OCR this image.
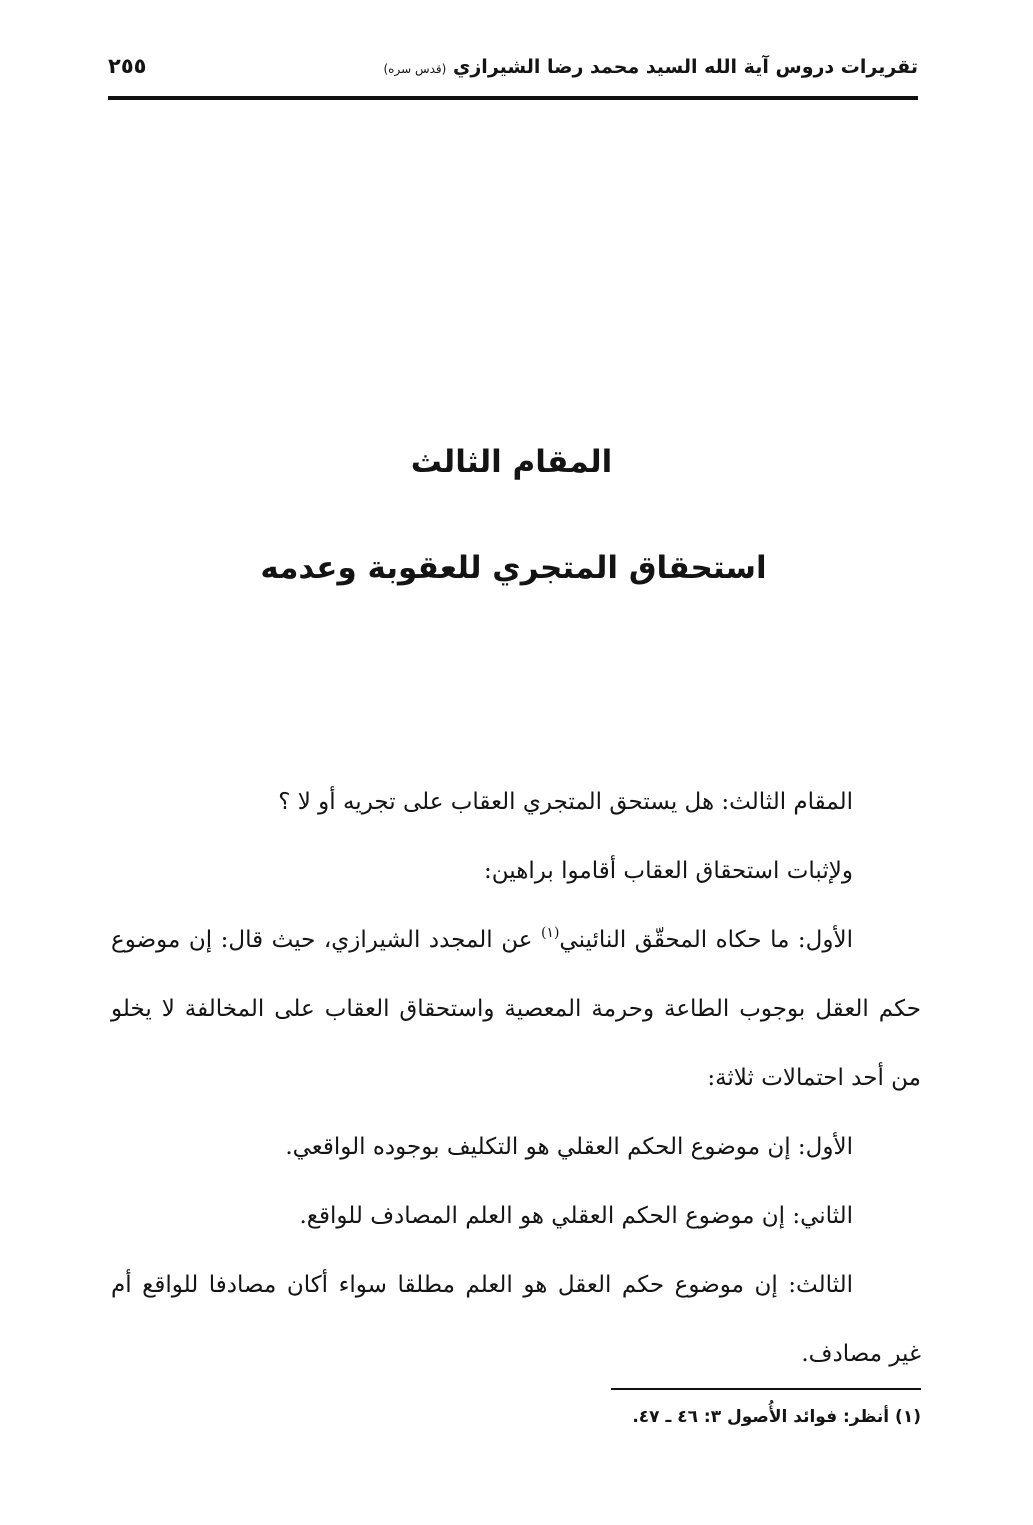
تقريرات دروس آية الله السيد محمد رضا الشيرازي (قدس سره)
٢٥٥
المقام الثالث
استحقاق المتجري للعقوبة وعدمه

المقام الثالث: هل يستحق المتجري العقاب على تجريه أو لا ؟

ولإثبات استحقاق العقاب أقاموا براهين:

الأول: ما حكاه المحقّق النائيني$^{(١)}$ عن المجدد الشيرازي، حيث قال: إن موضوع حكم العقل بوجوب الطاعة وحرمة المعصية واستحقاق العقاب على المخالفة لا يخلو من أحد احتمالات ثلاثة:

الأول: إن موضوع الحكم العقلي هو التكليف بوجوده الواقعي.

الثاني: إن موضوع الحكم العقلي هو العلم المصادف للواقع.

الثالث: إن موضوع حكم العقل هو العلم مطلقا سواء أكان مصادفا للواقع أم غير مصادف.

(١) أنظر: فوائد الأُصول ٣: ٤٦ ـ ٤٧.
